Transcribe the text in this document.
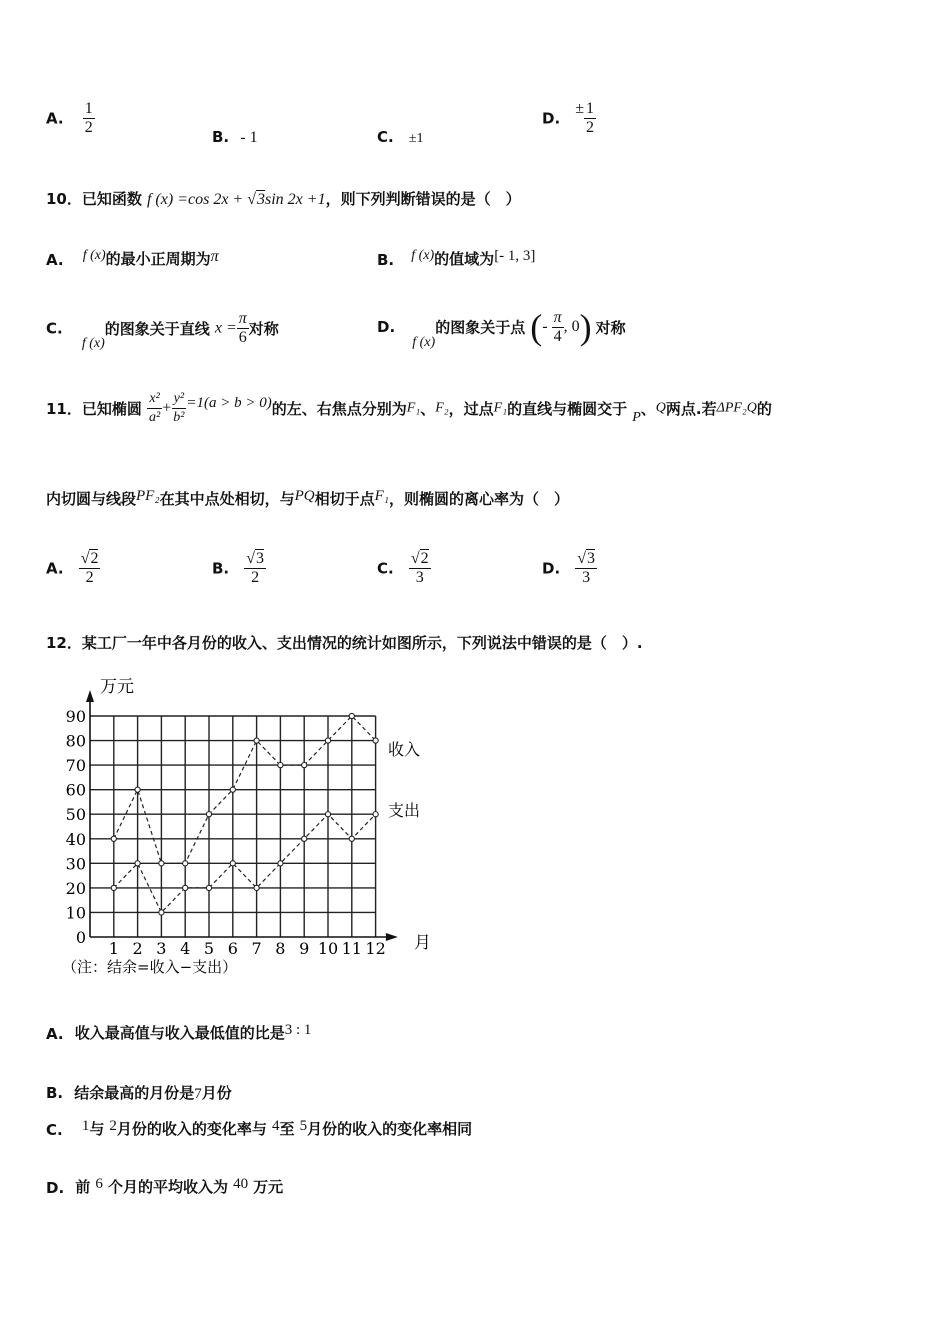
A. $\frac{1}{2}$	B. - 1	C. ±1
D. ± $\frac{1}{2}$
10．已知函数 f (x) =cos 2x + √3sin 2x +1，则下列判断错误的是（　）
A. f (x)的最小正周期为π	B. f (x)的值域为[- 1, 3]
C. f (x)的图象关于直线 $x = \frac{\pi}{6}$ 对称	D. f (x)的图象关于点 (- $\frac{\pi}{4}$ , 0) 对称
11．已知椭圆 $\frac{\text{x²}}{\text{a²}} + \frac{\text{y²}}{\text{b²}} =1(a > b > 0)$的左、右焦点分别为F₁、F₂，过点F₁的直线与椭圆交于 P、Q两点.若ΔPF₂Q的
内切圆与线段PF₂在其中点处相切，与PQ相切于点F₁，则椭圆的离心率为（　）
A. $\frac{√2}{2}$	B. $\frac{√3}{2}$	C. $\frac{√2}{3}$	D. $\frac{√3}{3}$
12．某工厂一年中各月份的收入、支出情况的统计如图所示，下列说法中错误的是（　）.
0
10
20
30
40
50
60
70
80
90
1 2 3 4 5 6 7 8 9 10 11 12
万元
月
（注：结余=收入−支出）
收入
支出
A. 收入最高值与收入最低值的比是3 : 1
B. 结余最高的月份是7月份
C. 1与 2月份的收入的变化率与 4至 5月份的收入的变化率相同
D. 前 6 个月的平均收入为 40 万元
